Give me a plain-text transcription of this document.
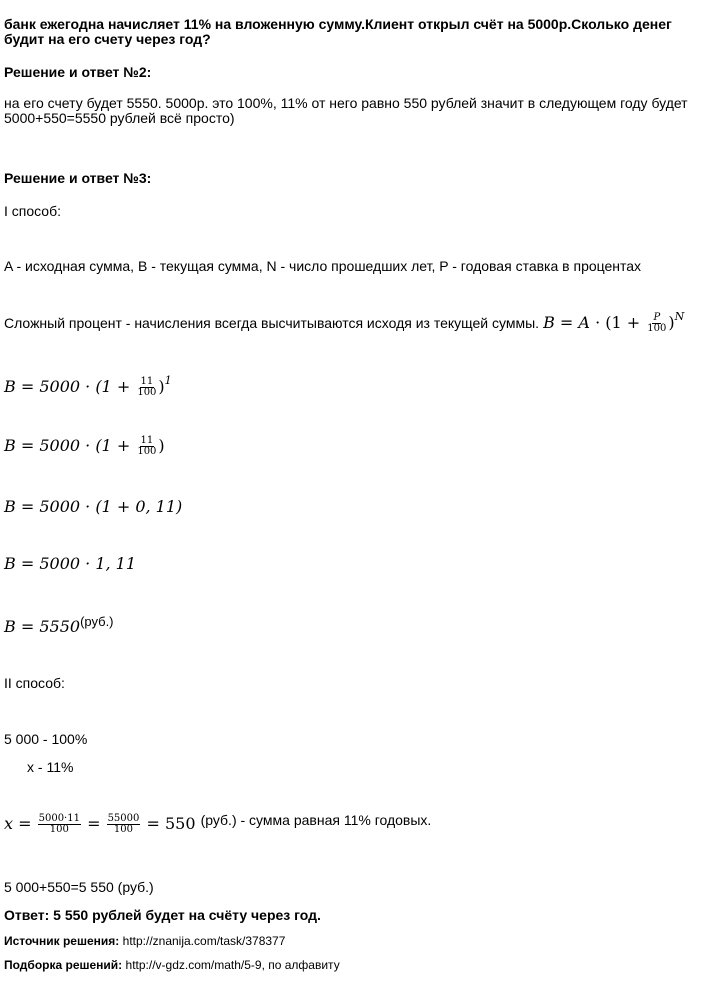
банк ежегодна начисляет 11% на вложенную сумму.Клиент открыл счёт на 5000р.Сколько денег будит на его счету через год?
Решение и ответ №2:
на его счету будет 5550. 5000р. это 100%, 11% от него равно 550 рублей значит в следующем году будет 5000+550=5550 рублей всё просто)
Решение и ответ №3:
I способ:
A - исходная сумма, B - текущая сумма, N - число прошедших лет, P - годовая ставка в процентах
Сложный процент - начисления всегда высчитываются исходя из текущей суммы. $B = A \cdot (1 + \frac{P}{100} )^N$
$B = 5000 \cdot (1 + \frac{11}{100} )^1$
$B = 5000 \cdot (1 + \frac{11}{100}$ )
B = 5000 · (1 + 0, 11)
B = 5000 · 1, 11
$B = 5550^{(руб.)}$
II способ:
5 000 - 100%
x - 11%
$x = \frac{5000\cdot 11}{100} = \frac{55000}{100} = 550$ (руб.) - сумма равная 11% годовых.
5 000+550=5 550 (руб.)
Ответ: 5 550 рублей будет на счёту через год.
Источник решения: http://znanija.com/task/378377
Подборка решений: http://v-gdz.com/math/5-9, по алфавиту
